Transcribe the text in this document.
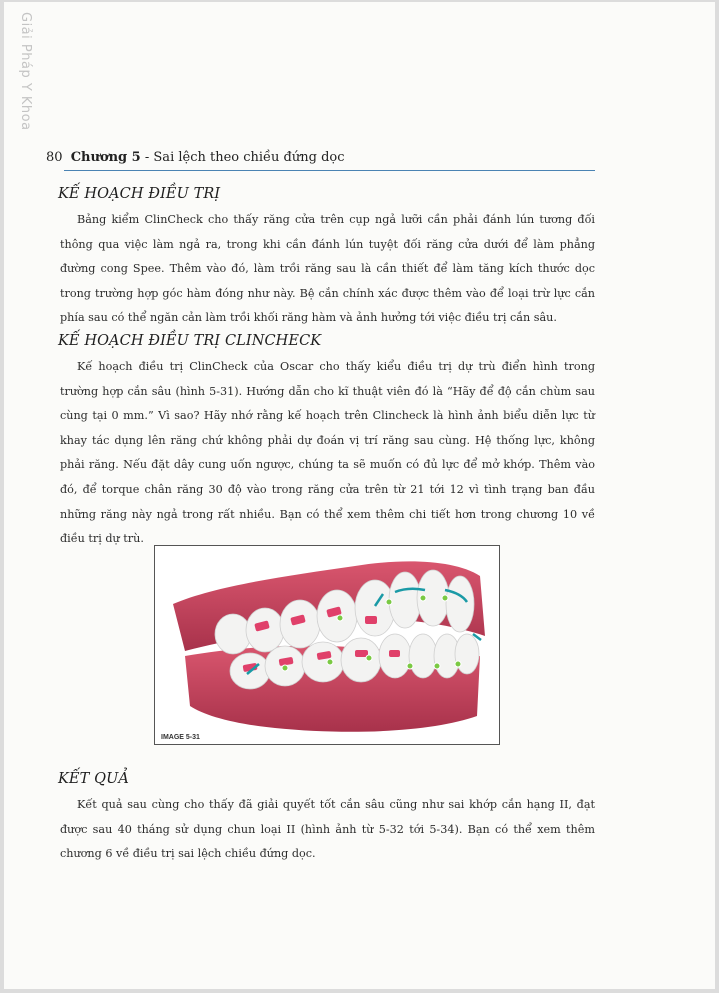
Giải Pháp Y Khoa
80 Chương 5 - Sai lệch theo chiều đứng dọc
KẾ HOẠCH ĐIỀU TRỊ
Bảng kiểm ClinCheck cho thấy răng cửa trên cụp ngả lưỡi cần phải đánh lún tương đối thông qua việc làm ngả ra, trong khi cần đánh lún tuyệt đối răng cửa dưới để làm phẳng đường cong Spee. Thêm vào đó, làm trồi răng sau là cần thiết để làm tăng kích thước dọc trong trường hợp góc hàm đóng như này. Bệ cắn chính xác được thêm vào để loại trừ lực cắn phía sau có thể ngăn cản làm trồi khối răng hàm và ảnh hưởng tới việc điều trị cắn sâu.
KẾ HOẠCH ĐIỀU TRỊ CLINCHECK
Kế hoạch điều trị ClinCheck của Oscar cho thấy kiểu điều trị dự trù điển hình trong trường hợp cắn sâu (hình 5-31). Hướng dẫn cho kĩ thuật viên đó là “Hãy để độ cắn chùm sau cùng tại 0 mm.” Vì sao? Hãy nhớ rằng kế hoạch trên Clincheck là hình ảnh biểu diễn lực từ khay tác dụng lên răng chứ không phải dự đoán vị trí răng sau cùng. Hệ thống lực, không phải răng. Nếu đặt dây cung uốn ngược, chúng ta sẽ muốn có đủ lực để mở khớp. Thêm vào đó, để torque chân răng 30 độ vào trong răng cửa trên từ 21 tới 12 vì tình trạng ban đầu những răng này ngả trong rất nhiều. Bạn có thể xem thêm chi tiết hơn trong chương 10 về điều trị dự trù.
IMAGE 5-31
KẾT QUẢ
Kết quả sau cùng cho thấy đã giải quyết tốt cắn sâu cũng như sai khớp cắn hạng II, đạt được sau 40 tháng sử dụng chun loại II (hình ảnh từ 5-32 tới 5-34). Bạn có thể xem thêm chương 6 về điều trị sai lệch chiều đứng dọc.
